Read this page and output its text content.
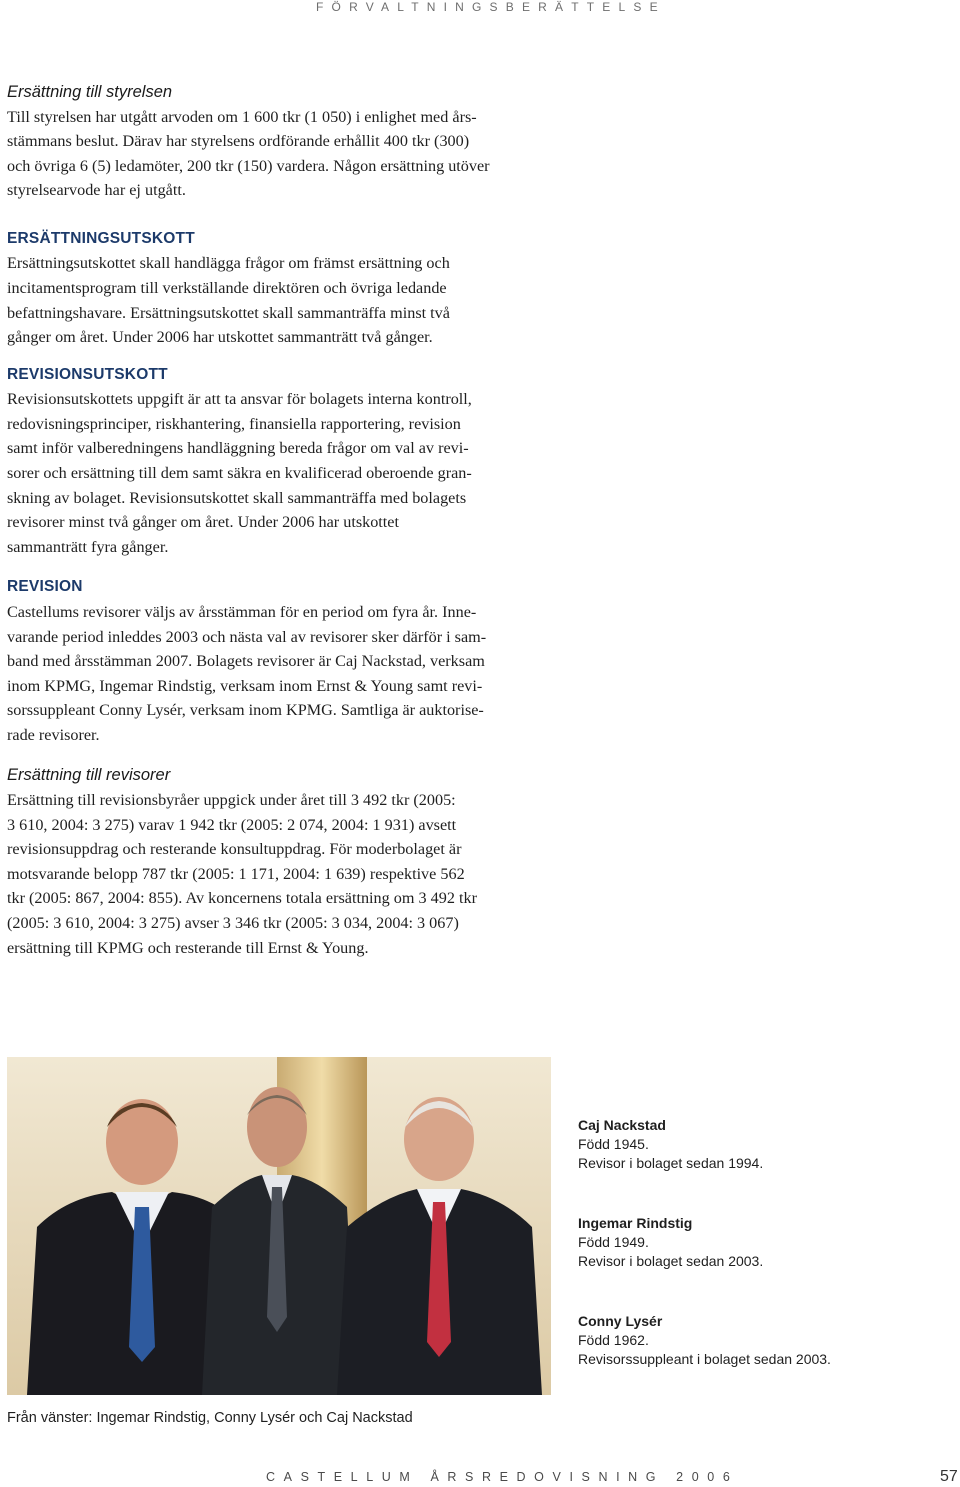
FÖRVALTNINGSBERÄTTELSE

Ersättning till styrelsen

Till styrelsen har utgått arvoden om 1 600 tkr (1 050) i enlighet med års-
stämmans beslut. Därav har styrelsens ordförande erhållit 400 tkr (300)
och övriga 6 (5) ledamöter, 200 tkr (150) vardera. Någon ersättning utöver
styrelsearvode har ej utgått.

ERSÄTTNINGSUTSKOTT

Ersättningsutskottet skall handlägga frågor om främst ersättning och
incitamentsprogram till verkställande direktören och övriga ledande
befattningshavare. Ersättningsutskottet skall sammanträffa minst två
gånger om året. Under 2006 har utskottet sammanträtt två gånger.

REVISIONSUTSKOTT

Revisionsutskottets uppgift är att ta ansvar för bolagets interna kontroll,
redovisningsprinciper, riskhantering, finansiella rapportering, revision
samt inför valberedningens handläggning bereda frågor om val av revi-
sorer och ersättning till dem samt säkra en kvalificerad oberoende gran-
skning av bolaget. Revisionsutskottet skall sammanträffa med bolagets
revisorer minst två gånger om året. Under 2006 har utskottet
sammanträtt fyra gånger.

REVISION

Castellums revisorer väljs av årsstämman för en period om fyra år. Inne-
varande period inleddes 2003 och nästa val av revisorer sker därför i sam-
band med årsstämman 2007. Bolagets revisorer är Caj Nackstad, verksam
inom KPMG, Ingemar Rindstig, verksam inom Ernst & Young samt revi-
sorssuppleant Conny Lysér, verksam inom KPMG. Samtliga är auktorise-
rade revisorer.

Ersättning till revisorer

Ersättning till revisionsbyråer uppgick under året till 3 492 tkr (2005:
3 610, 2004: 3 275) varav 1 942 tkr (2005: 2 074, 2004: 1 931) avsett
revisionsuppdrag och resterande konsultuppdrag. För moderbolaget är
motsvarande belopp 787 tkr (2005: 1 171, 2004: 1 639) respektive 562
tkr (2005: 867, 2004: 855). Av koncernens totala ersättning om 3 492 tkr
(2005: 3 610, 2004: 3 275) avser 3 346 tkr (2005: 3 034, 2004: 3 067)
ersättning till KPMG och resterande till Ernst & Young.

Caj Nackstad
Född 1945.
Revisor i bolaget sedan 1994.
Ingemar Rindstig
Född 1949.
Revisor i bolaget sedan 2003.
Conny Lysér
Född 1962.
Revisorssuppleant i bolaget sedan 2003.
Från vänster: Ingemar Rindstig, Conny Lysér och Caj Nackstad
CASTELLUM ÅRSREDOVISNING 2006	57
